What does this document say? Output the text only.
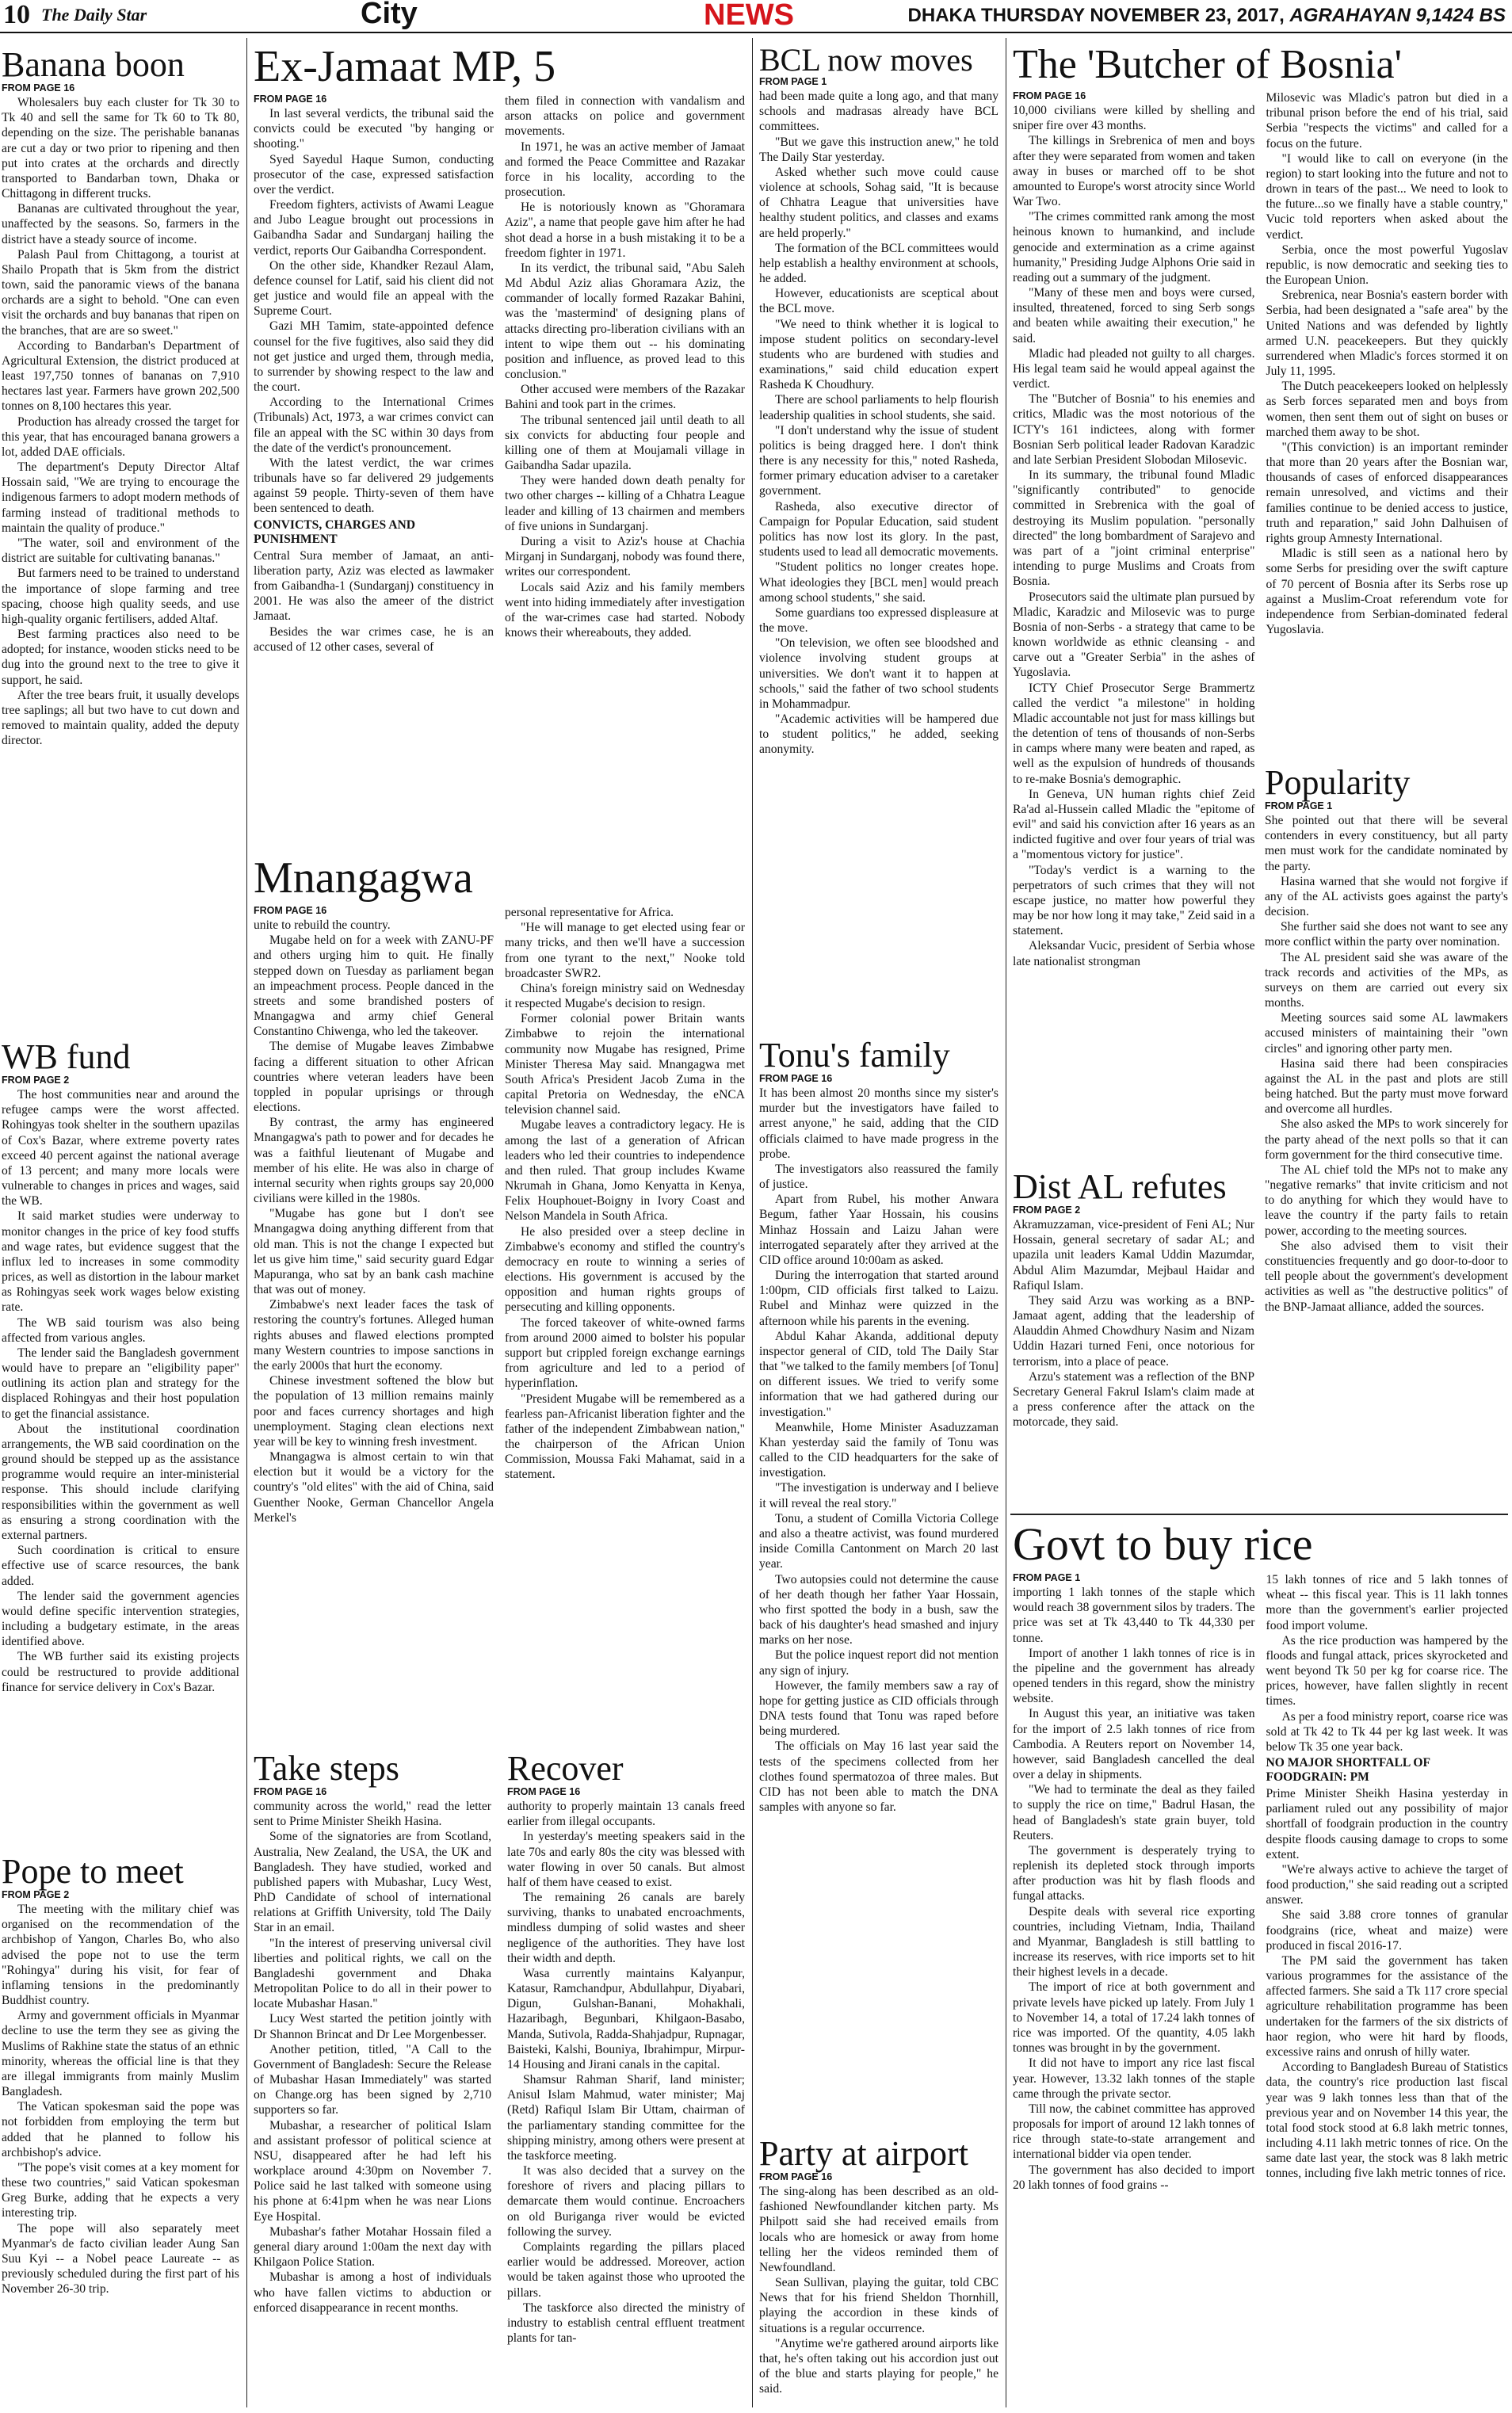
10 The Daily Star	City	NEWS	DHAKA THURSDAY NOVEMBER 23, 2017, AGRAHAYAN 9,1424 BS
Banana boon
FROM PAGE 16

Wholesalers buy each cluster for Tk 30 to Tk 40 and sell the same for Tk 60 to Tk 80, depending on the size. The perishable bananas are cut a day or two prior to ripening and then put into crates at the orchards and directly transported to Bandarban town, Dhaka or Chittagong in different trucks.

Bananas are cultivated throughout the year, unaffected by the seasons. So, farmers in the district have a steady source of income.

Palash Paul from Chittagong, a tourist at Shailo Propath that is 5km from the district town, said the panoramic views of the banana orchards are a sight to behold. "One can even visit the orchards and buy bananas that ripen on the branches, that are are so sweet."

According to Bandarban's Department of Agricultural Extension, the district produced at least 197,750 tonnes of bananas on 7,910 hectares last year. Farmers have grown 202,500 tonnes on 8,100 hectares this year.

Production has already crossed the target for this year, that has encouraged banana growers a lot, added DAE officials.

The department's Deputy Director Altaf Hossain said, "We are trying to encourage the indigenous farmers to adopt modern methods of farming instead of traditional methods to maintain the quality of produce."

"The water, soil and environment of the district are suitable for cultivating bananas."

But farmers need to be trained to understand the importance of slope farming and tree spacing, choose high quality seeds, and use high-quality organic fertilisers, added Altaf.

Best farming practices also need to be adopted; for instance, wooden sticks need to be dug into the ground next to the tree to give it support, he said.

After the tree bears fruit, it usually develops tree saplings; all but two have to cut down and removed to maintain quality, added the deputy director.

WB fund
FROM PAGE 2

The host communities near and around the refugee camps were the worst affected. Rohingyas took shelter in the southern upazilas of Cox's Bazar, where extreme poverty rates exceed 40 percent against the national average of 13 percent; and many more locals were vulnerable to changes in prices and wages, said the WB.

It said market studies were underway to monitor changes in the price of key food stuffs and wage rates, but evidence suggest that the influx led to increases in some commodity prices, as well as distortion in the labour market as Rohingyas seek work wages below existing rate.

The WB said tourism was also being affected from various angles.

The lender said the Bangladesh government would have to prepare an "eligibility paper" outlining its action plan and strategy for the displaced Rohingyas and their host population to get the financial assistance.

About the institutional coordination arrangements, the WB said coordination on the ground should be stepped up as the assistance programme would require an inter-ministerial response. This should include clarifying responsibilities within the government as well as ensuring a strong coordination with the external partners.

Such coordination is critical to ensure effective use of scarce resources, the bank added.

The lender said the government agencies would define specific intervention strategies, including a budgetary estimate, in the areas identified above.

The WB further said its existing projects could be restructured to provide additional finance for service delivery in Cox's Bazar.

Pope to meet
FROM PAGE 2

The meeting with the military chief was organised on the recommendation of the archbishop of Yangon, Charles Bo, who also advised the pope not to use the term "Rohingya" during his visit, for fear of inflaming tensions in the predominantly Buddhist country.

Army and government officials in Myanmar decline to use the term they see as giving the Muslims of Rakhine state the status of an ethnic minority, whereas the official line is that they are illegal immigrants from mainly Muslim Bangladesh.

The Vatican spokesman said the pope was not forbidden from employing the term but added that he planned to follow his archbishop's advice.

"The pope's visit comes at a key moment for these two countries," said Vatican spokesman Greg Burke, adding that he expects a very interesting trip.

The pope will also separately meet Myanmar's de facto civilian leader Aung San Suu Kyi -- a Nobel peace Laureate -- as previously scheduled during the first part of his November 26-30 trip.

Ex-Jamaat MP, 5
FROM PAGE 16

In last several verdicts, the tribunal said the convicts could be executed "by hanging or shooting."

Syed Sayedul Haque Sumon, conducting prosecutor of the case, expressed satisfaction over the verdict.

Freedom fighters, activists of Awami League and Jubo League brought out processions in Gaibandha Sadar and Sundarganj hailing the verdict, reports Our Gaibandha Correspondent.

On the other side, Khandker Rezaul Alam, defence counsel for Latif, said his client did not get justice and would file an appeal with the Supreme Court.

Gazi MH Tamim, state-appointed defence counsel for the five fugitives, also said they did not get justice and urged them, through media, to surrender by showing respect to the law and the court.

According to the International Crimes (Tribunals) Act, 1973, a war crimes convict can file an appeal with the SC within 30 days from the date of the verdict's pronouncement.

With the latest verdict, the war crimes tribunals have so far delivered 29 judgements against 59 people. Thirty-seven of them have been sentenced to death.

CONVICTS, CHARGES AND PUNISHMENT

Central Sura member of Jamaat, an anti-liberation party, Aziz was elected as lawmaker from Gaibandha-1 (Sundarganj) constituency in 2001. He was also the ameer of the district Jamaat.

Besides the war crimes case, he is an accused of 12 other cases, several of

them filed in connection with vandalism and arson attacks on police and government movements.

In 1971, he was an active member of Jamaat and formed the Peace Committee and Razakar force in his locality, according to the prosecution.

He is notoriously known as "Ghoramara Aziz", a name that people gave him after he had shot dead a horse in a bush mistaking it to be a freedom fighter in 1971.

In its verdict, the tribunal said, "Abu Saleh Md Abdul Aziz alias Ghoramara Aziz, the commander of locally formed Razakar Bahini, was the 'mastermind' of designing plans of attacks directing pro-liberation civilians with an intent to wipe them out -- his dominating position and influence, as proved lead to this conclusion."

Other accused were members of the Razakar Bahini and took part in the crimes.

The tribunal sentenced jail until death to all six convicts for abducting four people and killing one of them at Moujamali village in Gaibandha Sadar upazila.

They were handed down death penalty for two other charges -- killing of a Chhatra League leader and killing of 13 chairmen and members of five unions in Sundarganj.

During a visit to Aziz's house at Chachia Mirganj in Sundarganj, nobody was found there, writes our correspondent.

Locals said Aziz and his family members went into hiding immediately after investigation of the war-crimes case had started. Nobody knows their whereabouts, they added.

Mnangagwa
FROM PAGE 16

unite to rebuild the country.

Mugabe held on for a week with ZANU-PF and others urging him to quit. He finally stepped down on Tuesday as parliament began an impeachment process. People danced in the streets and some brandished posters of Mnangagwa and army chief General Constantino Chiwenga, who led the takeover.

The demise of Mugabe leaves Zimbabwe facing a different situation to other African countries where veteran leaders have been toppled in popular uprisings or through elections.

By contrast, the army has engineered Mnangagwa's path to power and for decades he was a faithful lieutenant of Mugabe and member of his elite. He was also in charge of internal security when rights groups say 20,000 civilians were killed in the 1980s.

"Mugabe has gone but I don't see Mnangagwa doing anything different from that old man. This is not the change I expected but let us give him time," said security guard Edgar Mapuranga, who sat by an bank cash machine that was out of money.

Zimbabwe's next leader faces the task of restoring the country's fortunes. Alleged human rights abuses and flawed elections prompted many Western countries to impose sanctions in the early 2000s that hurt the economy.

Chinese investment softened the blow but the population of 13 million remains mainly poor and faces currency shortages and high unemployment. Staging clean elections next year will be key to winning fresh investment.

Mnangagwa is almost certain to win that election but it would be a victory for the country's "old elites" with the aid of China, said Guenther Nooke, German Chancellor Angela Merkel's

personal representative for Africa.

"He will manage to get elected using fear or many tricks, and then we'll have a succession from one tyrant to the next," Nooke told broadcaster SWR2.

China's foreign ministry said on Wednesday it respected Mugabe's decision to resign.

Former colonial power Britain wants Zimbabwe to rejoin the international community now Mugabe has resigned, Prime Minister Theresa May said. Mnangagwa met South Africa's President Jacob Zuma in the capital Pretoria on Wednesday, the eNCA television channel said.

Mugabe leaves a contradictory legacy. He is among the last of a generation of African leaders who led their countries to independence and then ruled. That group includes Kwame Nkrumah in Ghana, Jomo Kenyatta in Kenya, Felix Houphouet-Boigny in Ivory Coast and Nelson Mandela in South Africa.

He also presided over a steep decline in Zimbabwe's economy and stifled the country's democracy en route to winning a series of elections. His government is accused by the opposition and human rights groups of persecuting and killing opponents.

The forced takeover of white-owned farms from around 2000 aimed to bolster his popular support but crippled foreign exchange earnings from agriculture and led to a period of hyperinflation.

"President Mugabe will be remembered as a fearless pan-Africanist liberation fighter and the father of the independent Zimbabwean nation," the chairperson of the African Union Commission, Moussa Faki Mahamat, said in a statement.

Take steps
FROM PAGE 16

community across the world," read the letter sent to Prime Minister Sheikh Hasina.

Some of the signatories are from Scotland, Australia, New Zealand, the USA, the UK and Bangladesh. They have studied, worked and published papers with Mubashar, Lucy West, PhD Candidate of school of international relations at Griffith University, told The Daily Star in an email.

"In the interest of preserving universal civil liberties and political rights, we call on the Bangladeshi government and Dhaka Metropolitan Police to do all in their power to locate Mubashar Hasan."

Lucy West started the petition jointly with Dr Shannon Brincat and Dr Lee Morgenbesser.

Another petition, titled, "A Call to the Government of Bangladesh: Secure the Release of Mubashar Hasan Immediately" was started on Change.org has been signed by 2,710 supporters so far.

Mubashar, a researcher of political Islam and assistant professor of political science at NSU, disappeared after he had left his workplace around 4:30pm on November 7. Police said he last talked with someone using his phone at 6:41pm when he was near Lions Eye Hospital.

Mubashar's father Motahar Hossain filed a general diary around 1:00am the next day with Khilgaon Police Station.

Mubashar is among a host of individuals who have fallen victims to abduction or enforced disappearance in recent months.

Recover
FROM PAGE 16

authority to properly maintain 13 canals freed earlier from illegal occupants.

In yesterday's meeting speakers said in the late 70s and early 80s the city was blessed with water flowing in over 50 canals. But almost half of them have ceased to exist.

The remaining 26 canals are barely surviving, thanks to unabated encroachments, mindless dumping of solid wastes and sheer negligence of the authorities. They have lost their width and depth.

Wasa currently maintains Kalyanpur, Katasur, Ramchandpur, Abdullahpur, Diyabari, Digun, Gulshan-Banani, Mohakhali, Hazaribagh, Begunbari, Khilgaon-Basabo, Manda, Sutivola, Radda-Shahjadpur, Rupnagar, Baisteki, Kalshi, Bouniya, Ibrahimpur, Mirpur-14 Housing and Jirani canals in the capital.

Shamsur Rahman Sharif, land minister; Anisul Islam Mahmud, water minister; Maj (Retd) Rafiqul Islam Bir Uttam, chairman of the parliamentary standing committee for the shipping ministry, among others were present at the taskforce meeting.

It was also decided that a survey on the foreshore of rivers and placing pillars to demarcate them would continue. Encroachers on old Buriganga river would be evicted following the survey.

Complaints regarding the pillars placed earlier would be addressed. Moreover, action would be taken against those who uprooted the pillars.

The taskforce also directed the ministry of industry to establish central effluent treatment plants for tan-

BCL now moves
FROM PAGE 1

had been made quite a long ago, and that many schools and madrasas already have BCL committees.

"But we gave this instruction anew," he told The Daily Star yesterday.

Asked whether such move could cause violence at schools, Sohag said, "It is because of Chhatra League that universities have healthy student politics, and classes and exams are held properly."

The formation of the BCL committees would help establish a healthy environment at schools, he added.

However, educationists are sceptical about the BCL move.

"We need to think whether it is logical to impose student politics on secondary-level students who are burdened with studies and examinations," said child education expert Rasheda K Choudhury.

There are school parliaments to help flourish leadership qualities in school students, she said.

"I don't understand why the issue of student politics is being dragged here. I don't think there is any necessity for this," noted Rasheda, former primary education adviser to a caretaker government.

Rasheda, also executive director of Campaign for Popular Education, said student politics has now lost its glory. In the past, students used to lead all democratic movements.

"Student politics no longer creates hope. What ideologies they [BCL men] would preach among school students," she said.

Some guardians too expressed displeasure at the move.

"On television, we often see bloodshed and violence involving student groups at universities. We don't want it to happen at schools," said the father of two school students in Mohammadpur.

"Academic activities will be hampered due to student politics," he added, seeking anonymity.

Tonu's family
FROM PAGE 16

It has been almost 20 months since my sister's murder but the investigators have failed to arrest anyone," he said, adding that the CID officials claimed to have made progress in the probe.

The investigators also reassured the family of justice.

Apart from Rubel, his mother Anwara Begum, father Yaar Hossain, his cousins Minhaz Hossain and Laizu Jahan were interrogated separately after they arrived at the CID office around 10:00am as asked.

During the interrogation that started around 1:00pm, CID officials first talked to Laizu. Rubel and Minhaz were quizzed in the afternoon while his parents in the evening.

Abdul Kahar Akanda, additional deputy inspector general of CID, told The Daily Star that "we talked to the family members [of Tonu] on different issues. We tried to verify some information that we had gathered during our investigation."

Meanwhile, Home Minister Asaduzzaman Khan yesterday said the family of Tonu was called to the CID headquarters for the sake of investigation.

"The investigation is underway and I believe it will reveal the real story."

Tonu, a student of Comilla Victoria College and also a theatre activist, was found murdered inside Comilla Cantonment on March 20 last year.

Two autopsies could not determine the cause of her death though her father Yaar Hossain, who first spotted the body in a bush, saw the back of his daughter's head smashed and injury marks on her nose.

But the police inquest report did not mention any sign of injury.

However, the family members saw a ray of hope for getting justice as CID officials through DNA tests found that Tonu was raped before being murdered.

The officials on May 16 last year said the tests of the specimens collected from her clothes found spermatozoa of three males. But CID has not been able to match the DNA samples with anyone so far.

Party at airport
FROM PAGE 16

The sing-along has been described as an old-fashioned Newfoundlander kitchen party. Ms Philpott said she had received emails from locals who are homesick or away from home telling her the videos reminded them of Newfoundland.

Sean Sullivan, playing the guitar, told CBC News that for his friend Sheldon Thornhill, playing the accordion in these kinds of situations is a regular occurrence.

"Anytime we're gathered around airports like that, he's often taking out his accordion just out of the blue and starts playing for people," he said.

The 'Butcher of Bosnia'
FROM PAGE 16

10,000 civilians were killed by shelling and sniper fire over 43 months.

The killings in Srebrenica of men and boys after they were separated from women and taken away in buses or marched off to be shot amounted to Europe's worst atrocity since World War Two.

"The crimes committed rank among the most heinous known to humankind, and include genocide and extermination as a crime against humanity," Presiding Judge Alphons Orie said in reading out a summary of the judgment.

"Many of these men and boys were cursed, insulted, threatened, forced to sing Serb songs and beaten while awaiting their execution," he said.

Mladic had pleaded not guilty to all charges. His legal team said he would appeal against the verdict.

The "Butcher of Bosnia" to his enemies and critics, Mladic was the most notorious of the ICTY's 161 indictees, along with former Bosnian Serb political leader Radovan Karadzic and late Serbian President Slobodan Milosevic.

In its summary, the tribunal found Mladic "significantly contributed" to genocide committed in Srebrenica with the goal of destroying its Muslim population. "personally directed" the long bombardment of Sarajevo and was part of a "joint criminal enterprise" intending to purge Muslims and Croats from Bosnia.

Prosecutors said the ultimate plan pursued by Mladic, Karadzic and Milosevic was to purge Bosnia of non-Serbs - a strategy that came to be known worldwide as ethnic cleansing - and carve out a "Greater Serbia" in the ashes of Yugoslavia.

ICTY Chief Prosecutor Serge Brammertz called the verdict "a milestone" in holding Mladic accountable not just for mass killings but the detention of tens of thousands of non-Serbs in camps where many were beaten and raped, as well as the expulsion of hundreds of thousands to re-make Bosnia's demographic.

In Geneva, UN human rights chief Zeid Ra'ad al-Hussein called Mladic the "epitome of evil" and said his conviction after 16 years as an indicted fugitive and over four years of trial was a "momentous victory for justice".

"Today's verdict is a warning to the perpetrators of such crimes that they will not escape justice, no matter how powerful they may be nor how long it may take," Zeid said in a statement.

Aleksandar Vucic, president of Serbia whose late nationalist strongman

Milosevic was Mladic's patron but died in a tribunal prison before the end of his trial, said Serbia "respects the victims" and called for a focus on the future.

"I would like to call on everyone (in the region) to start looking into the future and not to drown in tears of the past... We need to look to the future...so we finally have a stable country," Vucic told reporters when asked about the verdict.

Serbia, once the most powerful Yugoslav republic, is now democratic and seeking ties to the European Union.

Srebrenica, near Bosnia's eastern border with Serbia, had been designated a "safe area" by the United Nations and was defended by lightly armed U.N. peacekeepers. But they quickly surrendered when Mladic's forces stormed it on July 11, 1995.

The Dutch peacekeepers looked on helplessly as Serb forces separated men and boys from women, then sent them out of sight on buses or marched them away to be shot.

"(This conviction) is an important reminder that more than 20 years after the Bosnian war, thousands of cases of enforced disappearances remain unresolved, and victims and their families continue to be denied access to justice, truth and reparation," said John Dalhuisen of rights group Amnesty International.

Mladic is still seen as a national hero by some Serbs for presiding over the swift capture of 70 percent of Bosnia after its Serbs rose up against a Muslim-Croat referendum vote for independence from Serbian-dominated federal Yugoslavia.

Dist AL refutes
FROM PAGE 2

Akramuzzaman, vice-president of Feni AL; Nur Hossain, general secretary of sadar AL; and upazila unit leaders Kamal Uddin Mazumdar, Abdul Alim Mazumdar, Mejbaul Haidar and Rafiqul Islam.

They said Arzu was working as a BNP-Jamaat agent, adding that the leadership of Alauddin Ahmed Chowdhury Nasim and Nizam Uddin Hazari turned Feni, once notorious for terrorism, into a place of peace.

Arzu's statement was a reflection of the BNP Secretary General Fakrul Islam's claim made at a press conference after the attack on the motorcade, they said.

Popularity
FROM PAGE 1

She pointed out that there will be several contenders in every constituency, but all party men must work for the candidate nominated by the party.

Hasina warned that she would not forgive if any of the AL activists goes against the party's decision.

She further said she does not want to see any more conflict within the party over nomination.

The AL president said she was aware of the track records and activities of the MPs, as surveys on them are carried out every six months.

Meeting sources said some AL lawmakers accused ministers of maintaining their "own circles" and ignoring other party men.

Hasina said there had been conspiracies against the AL in the past and plots are still being hatched. But the party must move forward and overcome all hurdles.

She also asked the MPs to work sincerely for the party ahead of the next polls so that it can form government for the third consecutive time.

The AL chief told the MPs not to make any "negative remarks" that invite criticism and not to do anything for which they would have to leave the country if the party fails to retain power, according to the meeting sources.

She also advised them to visit their constituencies frequently and go door-to-door to tell people about the government's development activities as well as "the destructive politics" of the BNP-Jamaat alliance, added the sources.

Govt to buy rice
FROM PAGE 1

importing 1 lakh tonnes of the staple which would reach 38 government silos by traders. The price was set at Tk 43,440 to Tk 44,330 per tonne.

Import of another 1 lakh tonnes of rice is in the pipeline and the government has already opened tenders in this regard, show the ministry website.

In August this year, an initiative was taken for the import of 2.5 lakh tonnes of rice from Cambodia. A Reuters report on November 14, however, said Bangladesh cancelled the deal over a delay in shipments.

"We had to terminate the deal as they failed to supply the rice on time," Badrul Hasan, the head of Bangladesh's state grain buyer, told Reuters.

The government is desperately trying to replenish its depleted stock through imports after production was hit by flash floods and fungal attacks.

Despite deals with several rice exporting countries, including Vietnam, India, Thailand and Myanmar, Bangladesh is still battling to increase its reserves, with rice imports set to hit their highest levels in a decade.

The import of rice at both government and private levels have picked up lately. From July 1 to November 14, a total of 17.24 lakh tonnes of rice was imported. Of the quantity, 4.05 lakh tonnes was brought in by the government.

It did not have to import any rice last fiscal year. However, 13.32 lakh tonnes of the staple came through the private sector.

Till now, the cabinet committee has approved proposals for import of around 12 lakh tonnes of rice through state-to-state arrangement and international bidder via open tender.

The government has also decided to import 20 lakh tonnes of food grains --

15 lakh tonnes of rice and 5 lakh tonnes of wheat -- this fiscal year. This is 11 lakh tonnes more than the government's earlier projected food import volume.

As the rice production was hampered by the floods and fungal attack, prices skyrocketed and went beyond Tk 50 per kg for coarse rice. The prices, however, have fallen slightly in recent times.

As per a food ministry report, coarse rice was sold at Tk 42 to Tk 44 per kg last week. It was below Tk 35 one year back.

NO MAJOR SHORTFALL OF FOODGRAIN: PM

Prime Minister Sheikh Hasina yesterday in parliament ruled out any possibility of major shortfall of foodgrain production in the country despite floods causing damage to crops to some extent.

"We're always active to achieve the target of food production," she said reading out a scripted answer.

She said 3.88 crore tonnes of granular foodgrains (rice, wheat and maize) were produced in fiscal 2016-17.

The PM said the government has taken various programmes for the assistance of the affected farmers. She said a Tk 117 crore special agriculture rehabilitation programme has been undertaken for the farmers of the six districts of haor region, who were hit hard by floods, excessive rains and onrush of hilly water.

According to Bangladesh Bureau of Statistics data, the country's rice production last fiscal year was 9 lakh tonnes less than that of the previous year and on November 14 this year, the total food stock stood at 6.8 lakh metric tonnes, including 4.11 lakh metric tonnes of rice. On the same date last year, the stock was 8 lakh metric tonnes, including five lakh metric tonnes of rice.
